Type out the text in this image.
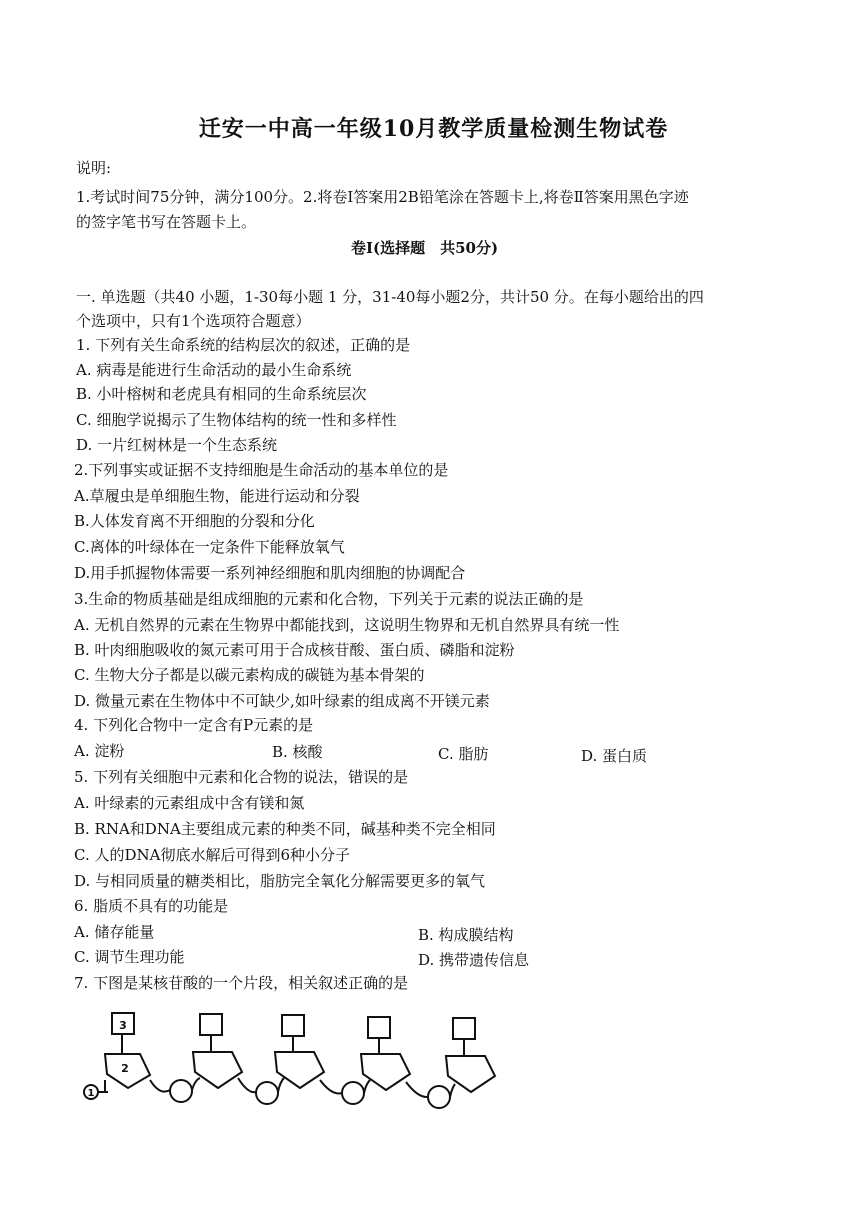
迁安一中高一年级10月教学质量检测生物试卷
说明:
1.考试时间75分钟，满分100分。2.将卷Ⅰ答案用2B铅笔涂在答题卡上,将卷Ⅱ答案用黑色字迹
的签字笔书写在答题卡上。
卷Ⅰ(选择题　共50分)
一. 单选题（共40 小题，1-30每小题 1 分，31-40每小题2分，共计50 分。在每小题给出的四
个选项中，只有1个选项符合题意）
1. 下列有关生命系统的结构层次的叙述，正确的是
A. 病毒是能进行生命活动的最小生命系统
B. 小叶榕树和老虎具有相同的生命系统层次
C. 细胞学说揭示了生物体结构的统一性和多样性
D. 一片红树林是一个生态系统
2.下列事实或证据不支持细胞是生命活动的基本单位的是
A.草履虫是单细胞生物，能进行运动和分裂
B.人体发育离不开细胞的分裂和分化
C.离体的叶绿体在一定条件下能释放氧气
D.用手抓握物体需要一系列神经细胞和肌肉细胞的协调配合
3.生命的物质基础是组成细胞的元素和化合物，下列关于元素的说法正确的是
A. 无机自然界的元素在生物界中都能找到，这说明生物界和无机自然界具有统一性
B. 叶肉细胞吸收的氮元素可用于合成核苷酸、蛋白质、磷脂和淀粉
C. 生物大分子都是以碳元素构成的碳链为基本骨架的
D. 微量元素在生物体中不可缺少,如叶绿素的组成离不开镁元素
4. 下列化合物中一定含有P元素的是
A. 淀粉	B. 核酸	C. 脂肪	D. 蛋白质
5. 下列有关细胞中元素和化合物的说法，错误的是
A. 叶绿素的元素组成中含有镁和氮
B. RNA和DNA主要组成元素的种类不同，碱基种类不完全相同
C. 人的DNA彻底水解后可得到6种小分子
D. 与相同质量的糖类相比，脂肪完全氧化分解需要更多的氧气
6. 脂质不具有的功能是
A. 储存能量	B. 构成膜结构
C. 调节生理功能	D. 携带遗传信息
7. 下图是某核苷酸的一个片段，相关叙述正确的是
3
2
1
